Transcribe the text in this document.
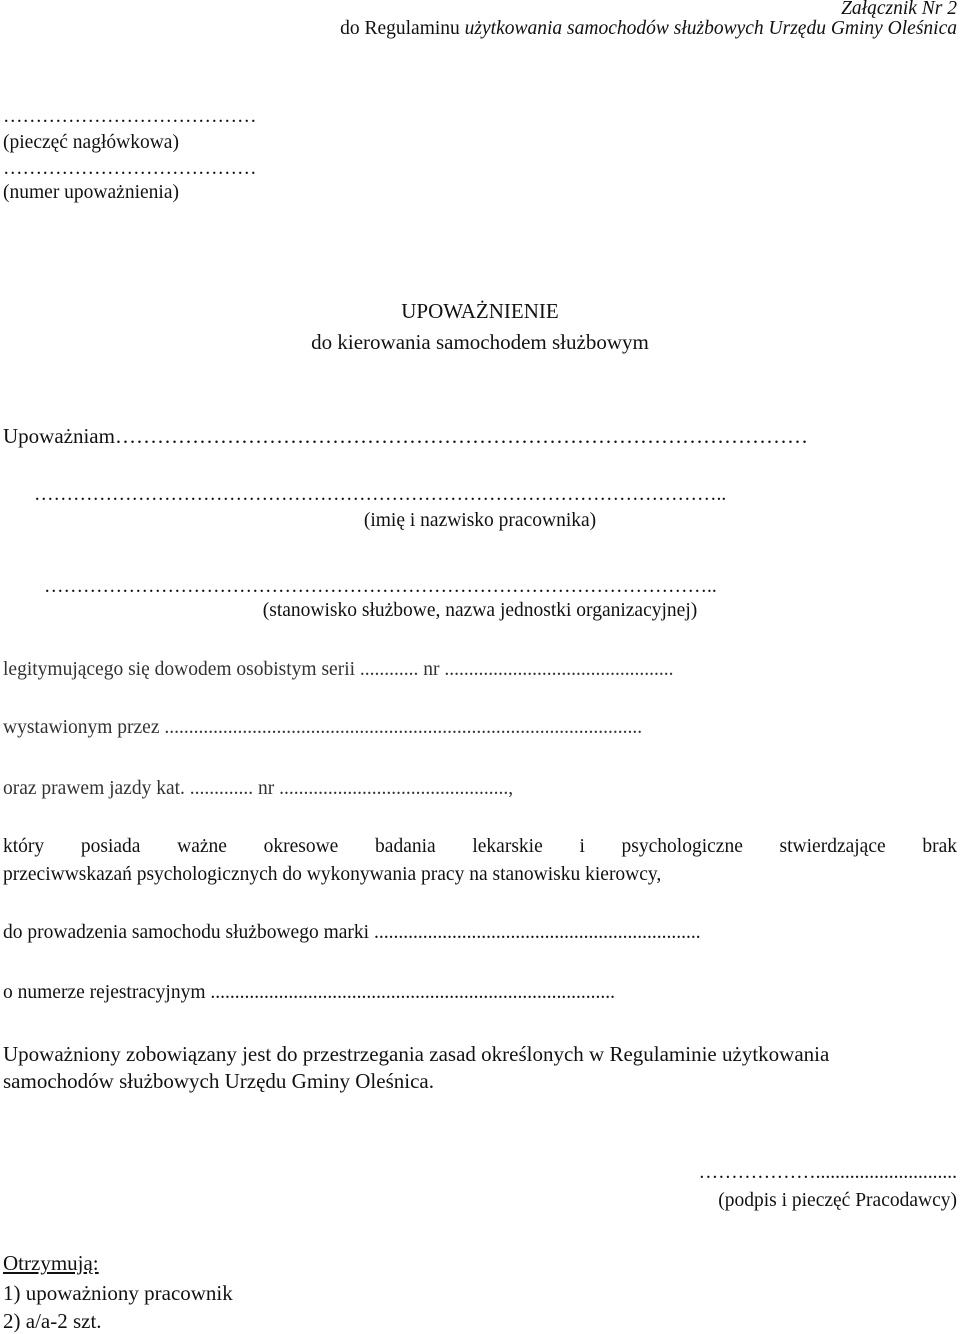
Załącznik Nr 2

do Regulaminu użytkowania samochodów służbowych Urzędu Gminy Oleśnica

…………………………………

(pieczęć nagłówkowa)

…………………………………

(numer upoważnienia)

UPOWAŻNIENIE

do kierowania samochodem służbowym

Upoważniam………………………………………………………………………………………

……………………………………………………………………………………………..

(imię i nazwisko pracownika)

…………………………………………………………………………………………..

(stanowisko służbowe, nazwa jednostki organizacyjnej)

legitymującego się dowodem osobistym serii ............ nr ...............................................

wystawionym przez ..................................................................................................

oraz prawem jazdy kat. ............. nr ...............................................,

który posiada ważne okresowe badania lekarskie i psychologiczne stwierdzające brak

przeciwwskazań psychologicznych do wykonywania pracy na stanowisku kierowcy,

do prowadzenia samochodu służbowego marki ...................................................................

o numerze rejestracyjnym ...................................................................................

Upoważniony zobowiązany jest do przestrzegania zasad określonych w Regulaminie użytkowania

samochodów służbowych Urzędu Gminy Oleśnica.

……………….............................

(podpis i pieczęć Pracodawcy)

Otrzymują:

1) upoważniony pracownik

2) a/a-2 szt.
